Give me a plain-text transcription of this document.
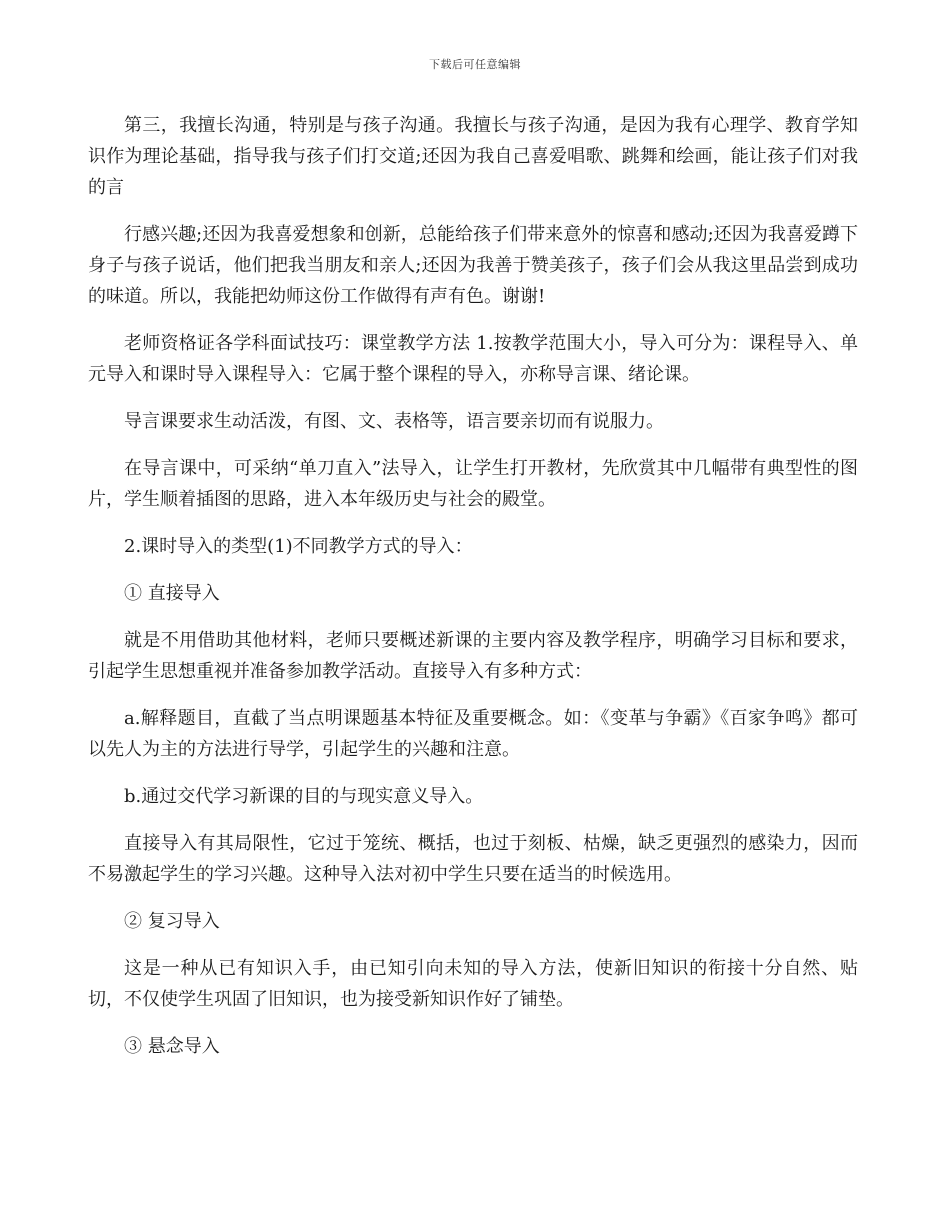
下载后可任意编辑

第三，我擅长沟通，特别是与孩子沟通。我擅长与孩子沟通，是因为我有心理学、教育学知识作为理论基础，指导我与孩子们打交道;还因为我自己喜爱唱歌、跳舞和绘画，能让孩子们对我的言

行感兴趣;还因为我喜爱想象和创新，总能给孩子们带来意外的惊喜和感动;还因为我喜爱蹲下身子与孩子说话，他们把我当朋友和亲人;还因为我善于赞美孩子，孩子们会从我这里品尝到成功的味道。所以，我能把幼师这份工作做得有声有色。谢谢!

老师资格证各学科面试技巧：课堂教学方法 1.按教学范围大小，导入可分为：课程导入、单元导入和课时导入课程导入：它属于整个课程的导入，亦称导言课、绪论课。

导言课要求生动活泼，有图、文、表格等，语言要亲切而有说服力。

在导言课中，可采纳“单刀直入”法导入，让学生打开教材，先欣赏其中几幅带有典型性的图片，学生顺着插图的思路，进入本年级历史与社会的殿堂。

2.课时导入的类型(1)不同教学方式的导入：

① 直接导入

就是不用借助其他材料，老师只要概述新课的主要内容及教学程序，明确学习目标和要求，引起学生思想重视并准备参加教学活动。直接导入有多种方式：

a.解释题目，直截了当点明课题基本特征及重要概念。如：《变革与争霸》《百家争鸣》都可以先人为主的方法进行导学，引起学生的兴趣和注意。

b.通过交代学习新课的目的与现实意义导入。

直接导入有其局限性，它过于笼统、概括，也过于刻板、枯燥，缺乏更强烈的感染力，因而不易激起学生的学习兴趣。这种导入法对初中学生只要在适当的时候选用。

② 复习导入

这是一种从已有知识入手，由已知引向未知的导入方法，使新旧知识的衔接十分自然、贴切，不仅使学生巩固了旧知识，也为接受新知识作好了铺垫。

③ 悬念导入
